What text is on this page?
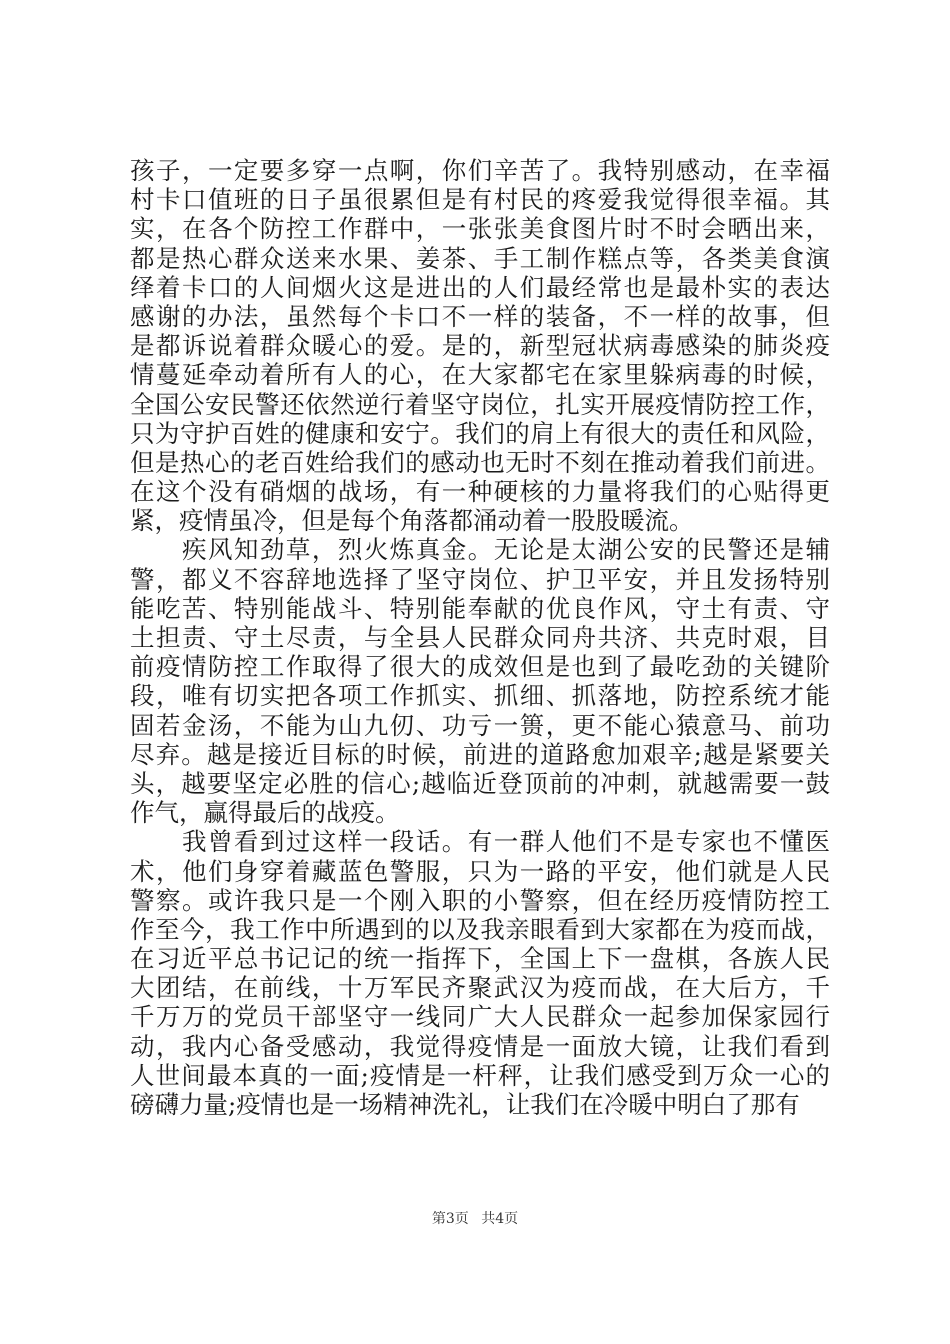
孩子，一定要多穿一点啊，你们辛苦了。我特别感动，在幸福
村卡口值班的日子虽很累但是有村民的疼爱我觉得很幸福。其
实，在各个防控工作群中，一张张美食图片时不时会晒出来，
都是热心群众送来水果、姜茶、手工制作糕点等，各类美食演
绎着卡口的人间烟火这是进出的人们最经常也是最朴实的表达
感谢的办法，虽然每个卡口不一样的装备，不一样的故事，但
是都诉说着群众暖心的爱。是的，新型冠状病毒感染的肺炎疫
情蔓延牵动着所有人的心，在大家都宅在家里躲病毒的时候，
全国公安民警还依然逆行着坚守岗位，扎实开展疫情防控工作，
只为守护百姓的健康和安宁。我们的肩上有很大的责任和风险，
但是热心的老百姓给我们的感动也无时不刻在推动着我们前进。
在这个没有硝烟的战场，有一种硬核的力量将我们的心贴得更
紧，疫情虽冷，但是每个角落都涌动着一股股暖流。
　　疾风知劲草，烈火炼真金。无论是太湖公安的民警还是辅
警，都义不容辞地选择了坚守岗位、护卫平安，并且发扬特别
能吃苦、特别能战斗、特别能奉献的优良作风，守土有责、守
土担责、守土尽责，与全县人民群众同舟共济、共克时艰，目
前疫情防控工作取得了很大的成效但是也到了最吃劲的关键阶
段，唯有切实把各项工作抓实、抓细、抓落地，防控系统才能
固若金汤，不能为山九仞、功亏一篑，更不能心猿意马、前功
尽弃。越是接近目标的时候，前进的道路愈加艰辛;越是紧要关
头，越要坚定必胜的信心;越临近登顶前的冲刺，就越需要一鼓
作气，赢得最后的战疫。
　　我曾看到过这样一段话。有一群人他们不是专家也不懂医
术，他们身穿着藏蓝色警服，只为一路的平安，他们就是人民
警察。或许我只是一个刚入职的小警察，但在经历疫情防控工
作至今，我工作中所遇到的以及我亲眼看到大家都在为疫而战，
在习近平总书记记的统一指挥下，全国上下一盘棋，各族人民
大团结，在前线，十万军民齐聚武汉为疫而战，在大后方，千
千万万的党员干部坚守一线同广大人民群众一起参加保家园行
动，我内心备受感动，我觉得疫情是一面放大镜，让我们看到
人世间最本真的一面;疫情是一杆秤，让我们感受到万众一心的
磅礴力量;疫情也是一场精神洗礼，让我们在冷暖中明白了那有
第3页 共4页
